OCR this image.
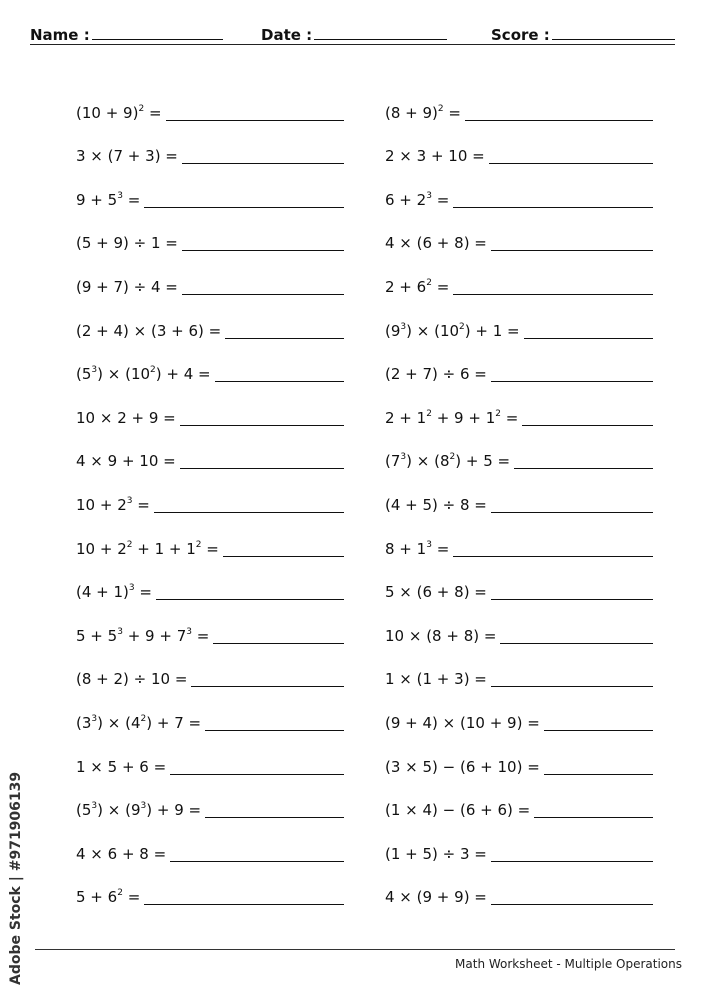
Name :	Date :	Score :
$(10 + 9)^2$ =
3 × (7 + 3) =
$9 + 5^3$ =
(5 + 9) ÷ 1 =
(9 + 7) ÷ 4 =
(2 + 4) × (3 + 6) =
$(5^3) \times (10^2) + 4$ =
10 × 2 + 9 =
4 × 9 + 10 =
$10 + 2^3$ =
$10 + 2^2 + 1 + 1^2$ =
$(4 + 1)^3$ =
$5 + 5^3 + 9 + 7^3$ =
(8 + 2) ÷ 10 =
$(3^3) \times (4^2) + 7$ =
1 × 5 + 6 =
$(5^3) \times (9^3) + 9$ =
4 × 6 + 8 =
$5 + 6^2$ =
$(8 + 9)^2$ =
2 × 3 + 10 =
$6 + 2^3$ =
4 × (6 + 8) =
$2 + 6^2$ =
$(9^3) \times (10^2) + 1$ =
(2 + 7) ÷ 6 =
$2 + 1^2 + 9 + 1^2$ =
$(7^3) \times (8^2) + 5$ =
(4 + 5) ÷ 8 =
$8 + 1^3$ =
5 × (6 + 8) =
10 × (8 + 8) =
1 × (1 + 3) =
(9 + 4) × (10 + 9) =
(3 × 5) − (6 + 10) =
(1 × 4) − (6 + 6) =
(1 + 5) ÷ 3 =
4 × (9 + 9) =
Math Worksheet - Multiple Operations
Adobe Stock | #971906139
